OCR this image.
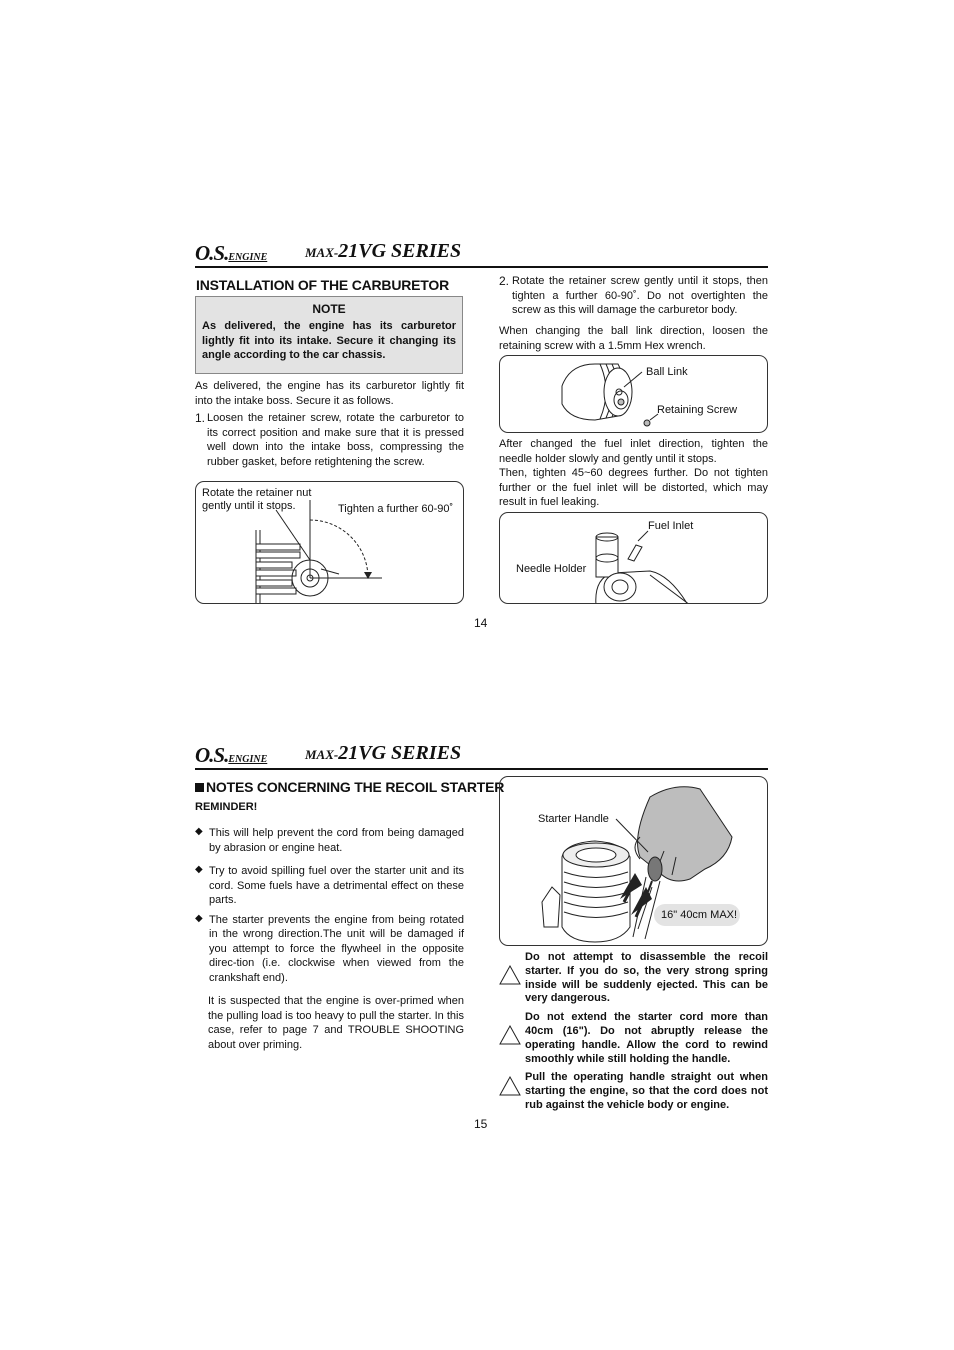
O.S.ENGINE	MAX-21VG SERIES
INSTALLATION OF THE CARBURETOR
NOTE
As delivered, the engine has its carburetor lightly fit into its intake. Secure it changing its angle according to the car chassis.
As delivered, the engine has its carburetor lightly fit into the intake boss. Secure it as follows.
1. Loosen the retainer screw, rotate the carburetor to its correct position and make sure that it is pressed well down into the intake boss, compressing the rubber gasket, before retightening the screw.
Rotate the retainer nut gently until it stops.	Tighten a further 60-90˚
2. Rotate the retainer screw gently until it stops, then tighten a further 60-90˚. Do not overtighten the screw as this will damage the carburetor body.
When changing the ball link direction, loosen the retaining screw with a 1.5mm Hex wrench.
Ball Link
Retaining Screw
After changed the fuel inlet direction, tighten the needle holder slowly and gently until it stops.
Then, tighten 45~60 degrees further. Do not tighten further or the fuel inlet will be distorted, which may result in fuel leaking.
Fuel Inlet
Needle Holder
14
O.S.ENGINE	MAX-21VG SERIES
NOTES CONCERNING THE RECOIL STARTER
REMINDER!
◆ This will help prevent the cord from being damaged by abrasion or engine heat.
◆ Try to avoid spilling fuel over the starter unit and its cord. Some fuels have a detrimental effect on these parts.
◆ The starter prevents the engine from being rotated in the wrong direction.The unit will be damaged if you attempt to force the flywheel in the opposite direc-tion (i.e. clockwise when viewed from the crankshaft end).
It is suspected that the engine is over-primed when the pulling load is too heavy to pull the starter. In this case, refer to page 7 and TROUBLE SHOOTING about over priming.
Starter Handle
16" 40cm MAX!
Do not attempt to disassemble the recoil starter. If you do so, the very strong spring inside will be suddenly ejected. This can be very dangerous.
Do not extend the starter cord more than 40cm (16"). Do not abruptly release the operating handle. Allow the cord to rewind smoothly while still holding the handle.
Pull the operating handle straight out when starting the engine, so that the cord does not rub against the vehicle body or engine.
15
